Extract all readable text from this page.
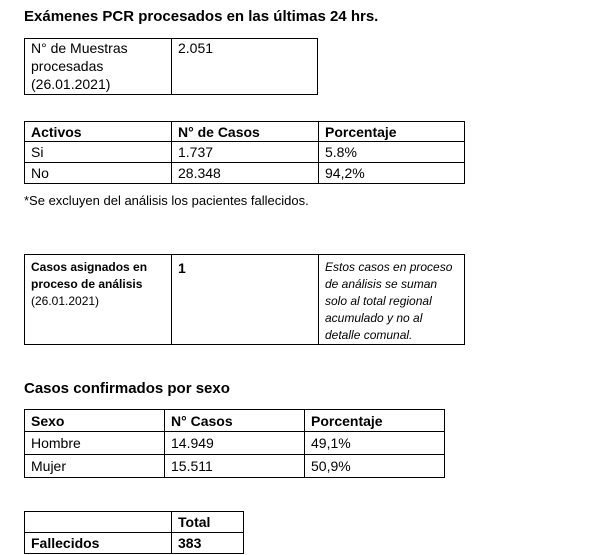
Exámenes PCR procesados en las últimas 24 hrs.
N° de Muestras
procesadas
(26.01.2021)
	2.051
Activos	N° de Casos	Porcentaje
Si	1.737	5.8%
No	28.348	94,2%
*Se excluyen del análisis los pacientes fallecidos.
Casos asignados en
proceso de análisis
(26.01.2021)
	1	Estos casos en proceso
de análisis se suman
solo al total regional
acumulado y no al
detalle comunal.
Casos confirmados por sexo
Sexo	N° Casos	Porcentaje
Hombre	14.949	49,1%
Mujer	15.511	50,9%
	Total
Fallecidos	383
